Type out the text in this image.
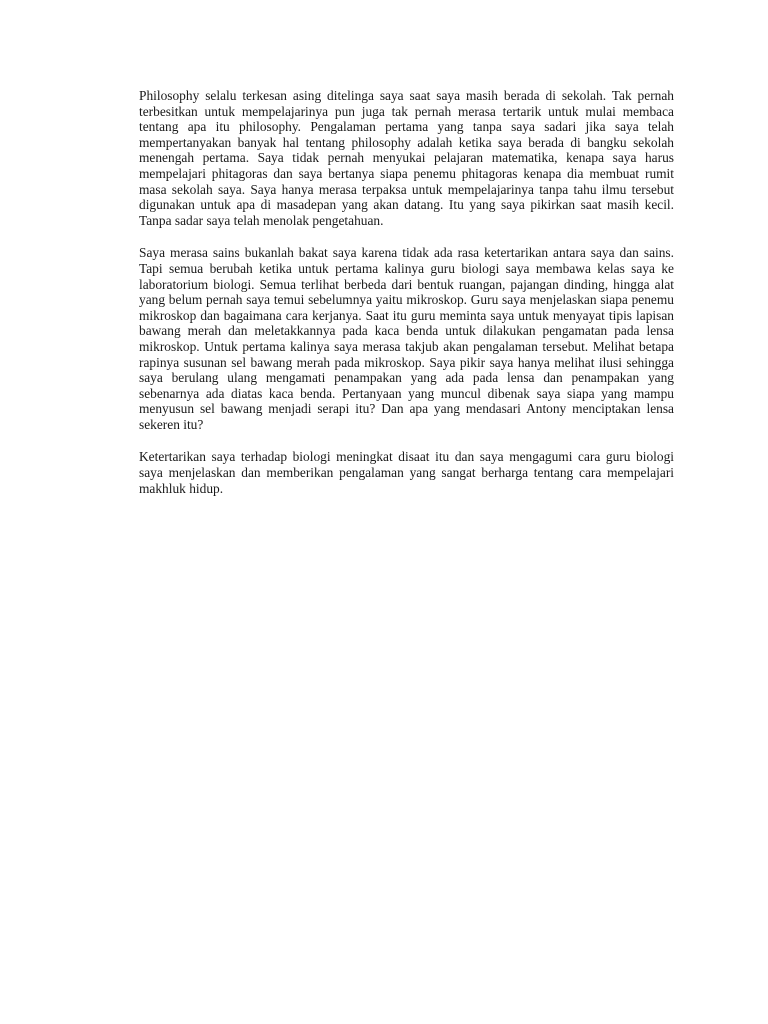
Philosophy selalu terkesan asing ditelinga saya saat saya masih berada di sekolah. Tak pernah terbesitkan untuk mempelajarinya pun juga tak pernah merasa tertarik untuk mulai membaca tentang apa itu philosophy. Pengalaman pertama yang tanpa saya sadari jika saya telah mempertanyakan banyak hal tentang philosophy adalah ketika saya berada di bangku sekolah menengah pertama. Saya tidak pernah menyukai pelajaran matematika, kenapa saya harus mempelajari phitagoras dan saya bertanya siapa penemu phitagoras kenapa dia membuat rumit masa sekolah saya. Saya hanya merasa terpaksa untuk mempelajarinya tanpa tahu ilmu tersebut digunakan untuk apa di masadepan yang akan datang. Itu yang saya pikirkan saat masih kecil. Tanpa sadar saya telah menolak pengetahuan.

Saya merasa sains bukanlah bakat saya karena tidak ada rasa ketertarikan antara saya dan sains. Tapi semua berubah ketika untuk pertama kalinya guru biologi saya membawa kelas saya ke laboratorium biologi. Semua terlihat berbeda dari bentuk ruangan, pajangan dinding, hingga alat yang belum pernah saya temui sebelumnya yaitu mikroskop. Guru saya menjelaskan siapa penemu mikroskop dan bagaimana cara kerjanya. Saat itu guru meminta saya untuk menyayat tipis lapisan bawang merah dan meletakkannya pada kaca benda untuk dilakukan pengamatan pada lensa mikroskop. Untuk pertama kalinya saya merasa takjub akan pengalaman tersebut. Melihat betapa rapinya susunan sel bawang merah pada mikroskop. Saya pikir saya hanya melihat ilusi sehingga saya berulang ulang mengamati penampakan yang ada pada lensa dan penampakan yang sebenarnya ada diatas kaca benda. Pertanyaan yang muncul dibenak saya siapa yang mampu menyusun sel bawang menjadi serapi itu? Dan apa yang mendasari Antony menciptakan lensa sekeren itu?

Ketertarikan saya terhadap biologi meningkat disaat itu dan saya mengagumi cara guru biologi saya menjelaskan dan memberikan pengalaman yang sangat berharga tentang cara mempelajari makhluk hidup.
